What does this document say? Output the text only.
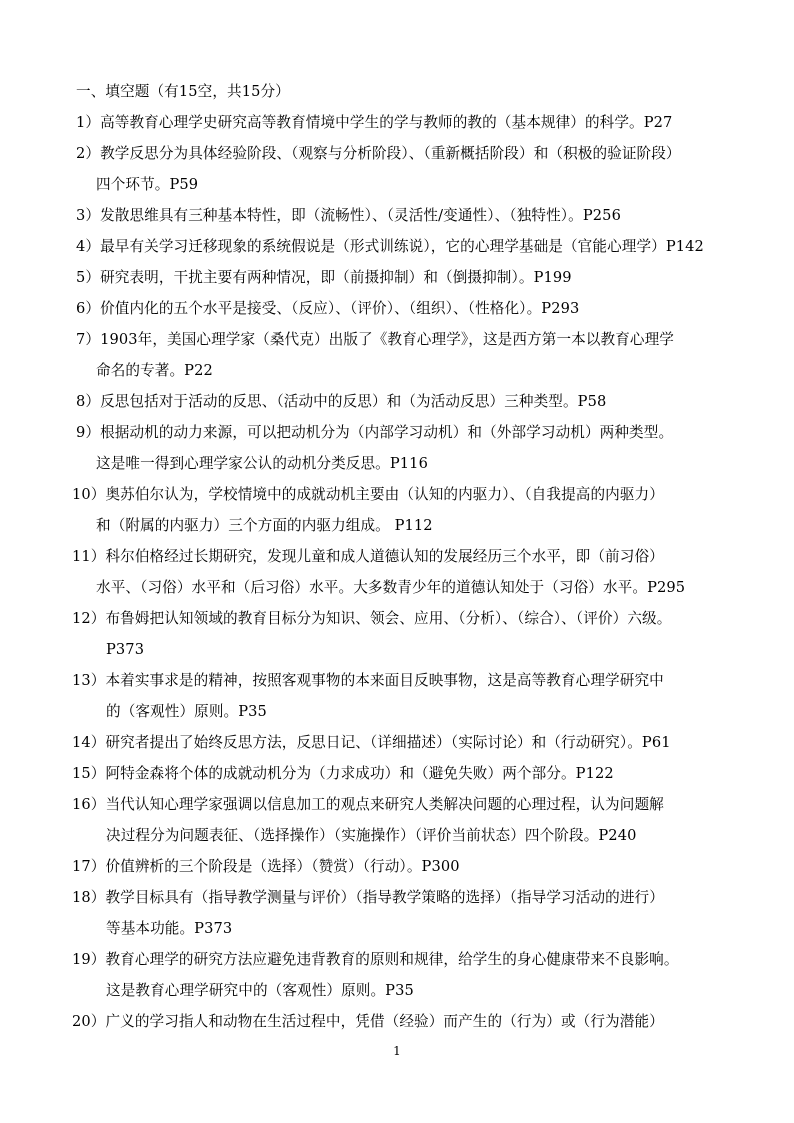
一、填空题（有15空，共15分）
1）高等教育心理学史研究高等教育情境中学生的学与教师的教的（基本规律）的科学。P27
2）教学反思分为具体经验阶段、（观察与分析阶段）、（重新概括阶段）和（积极的验证阶段）
四个环节。P59
3）发散思维具有三种基本特性，即（流畅性）、（灵活性/变通性）、（独特性）。P256
4）最早有关学习迁移现象的系统假说是（形式训练说），它的心理学基础是（官能心理学）P142
5）研究表明，干扰主要有两种情况，即（前摄抑制）和（倒摄抑制）。P199
6）价值内化的五个水平是接受、（反应）、（评价）、（组织）、（性格化）。P293
7）1903年，美国心理学家（桑代克）出版了《教育心理学》，这是西方第一本以教育心理学
命名的专著。P22
8）反思包括对于活动的反思、（活动中的反思）和（为活动反思）三种类型。P58
9）根据动机的动力来源，可以把动机分为（内部学习动机）和（外部学习动机）两种类型。
这是唯一得到心理学家公认的动机分类反思。P116
10）奥苏伯尔认为，学校情境中的成就动机主要由（认知的内驱力）、（自我提高的内驱力）
和（附属的内驱力）三个方面的内驱力组成。 P112
11）科尔伯格经过长期研究，发现儿童和成人道德认知的发展经历三个水平，即（前习俗）
水平、（习俗）水平和（后习俗）水平。大多数青少年的道德认知处于（习俗）水平。P295
12）布鲁姆把认知领域的教育目标分为知识、领会、应用、（分析）、（综合）、（评价）六级。
P373
13）本着实事求是的精神，按照客观事物的本来面目反映事物，这是高等教育心理学研究中
的（客观性）原则。P35
14）研究者提出了始终反思方法，反思日记、（详细描述）（实际讨论）和（行动研究）。P61
15）阿特金森将个体的成就动机分为（力求成功）和（避免失败）两个部分。P122
16）当代认知心理学家强调以信息加工的观点来研究人类解决问题的心理过程，认为问题解
决过程分为问题表征、（选择操作）（实施操作）（评价当前状态）四个阶段。P240
17）价值辨析的三个阶段是（选择）（赞赏）（行动）。P300
18）教学目标具有（指导教学测量与评价）（指导教学策略的选择）（指导学习活动的进行）
等基本功能。P373
19）教育心理学的研究方法应避免违背教育的原则和规律，给学生的身心健康带来不良影响。
这是教育心理学研究中的（客观性）原则。P35
20）广义的学习指人和动物在生活过程中，凭借（经验）而产生的（行为）或（行为潜能）
1
